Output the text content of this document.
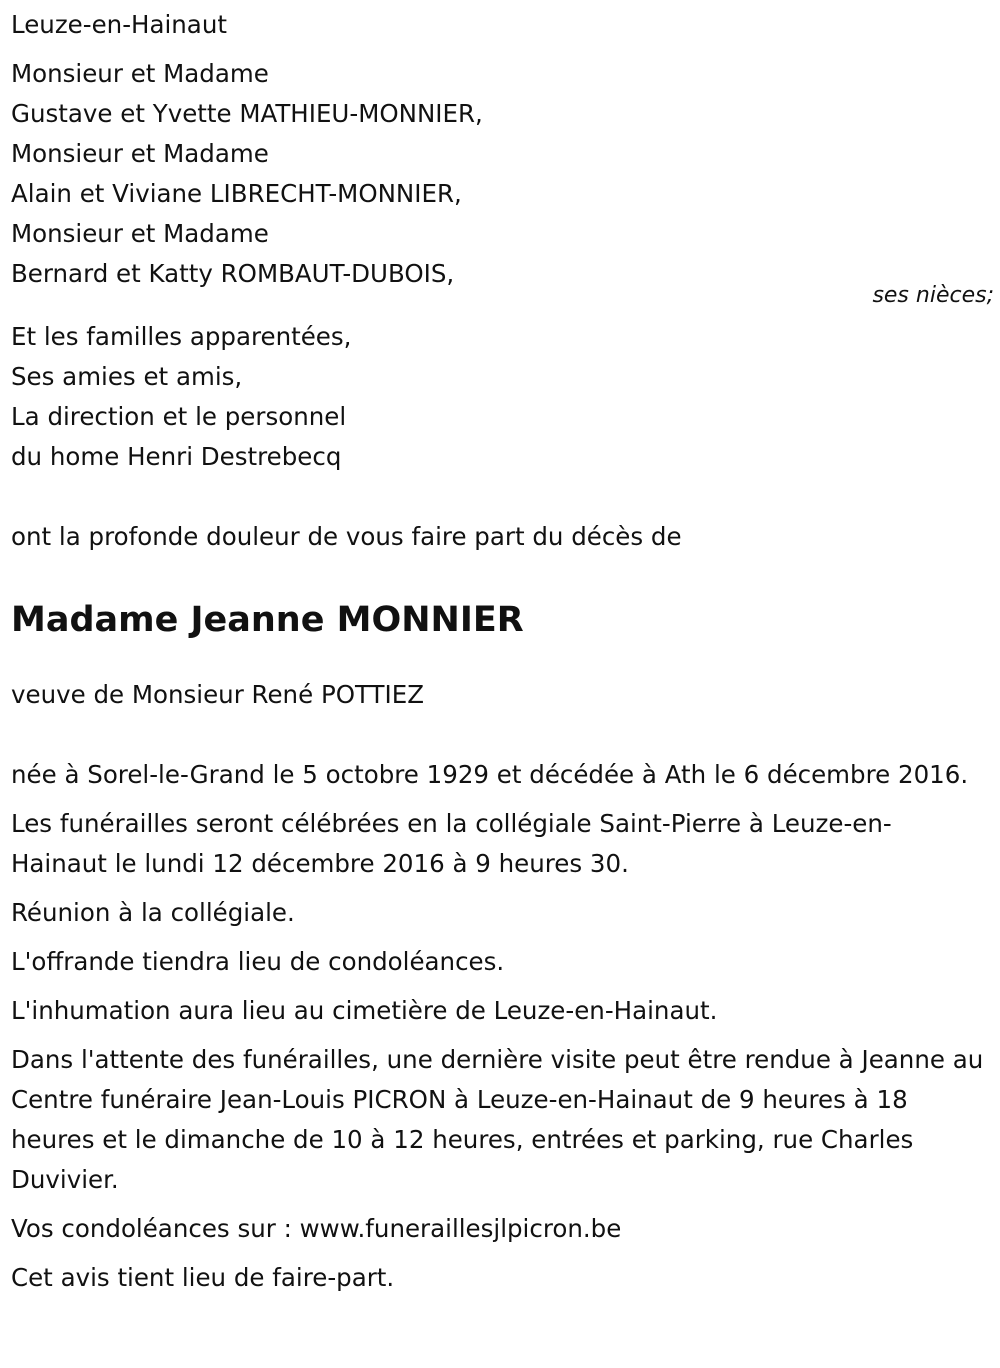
Leuze-en-Hainaut
Monsieur et Madame
Gustave et Yvette MATHIEU-MONNIER,
Monsieur et Madame
Alain et Viviane LIBRECHT-MONNIER,
Monsieur et Madame
Bernard et Katty ROMBAUT-DUBOIS,
ses nièces;
Et les familles apparentées,
Ses amies et amis,
La direction et le personnel
du home Henri Destrebecq
ont la profonde douleur de vous faire part du décès de
Madame Jeanne MONNIER
veuve de Monsieur René POTTIEZ
née à Sorel-le-Grand le 5 octobre 1929 et décédée à Ath le 6 décembre 2016.
Les funérailles seront célébrées en la collégiale Saint-Pierre à Leuze-en-Hainaut le lundi 12 décembre 2016 à 9 heures 30.
Réunion à la collégiale.
L'offrande tiendra lieu de condoléances.
L'inhumation aura lieu au cimetière de Leuze-en-Hainaut.
Dans l'attente des funérailles, une dernière visite peut être rendue à Jeanne au Centre funéraire Jean-Louis PICRON à Leuze-en-Hainaut de 9 heures à 18 heures et le dimanche de 10 à 12 heures, entrées et parking, rue Charles Duvivier.
Vos condoléances sur : www.funeraillesjlpicron.be
Cet avis tient lieu de faire-part.
